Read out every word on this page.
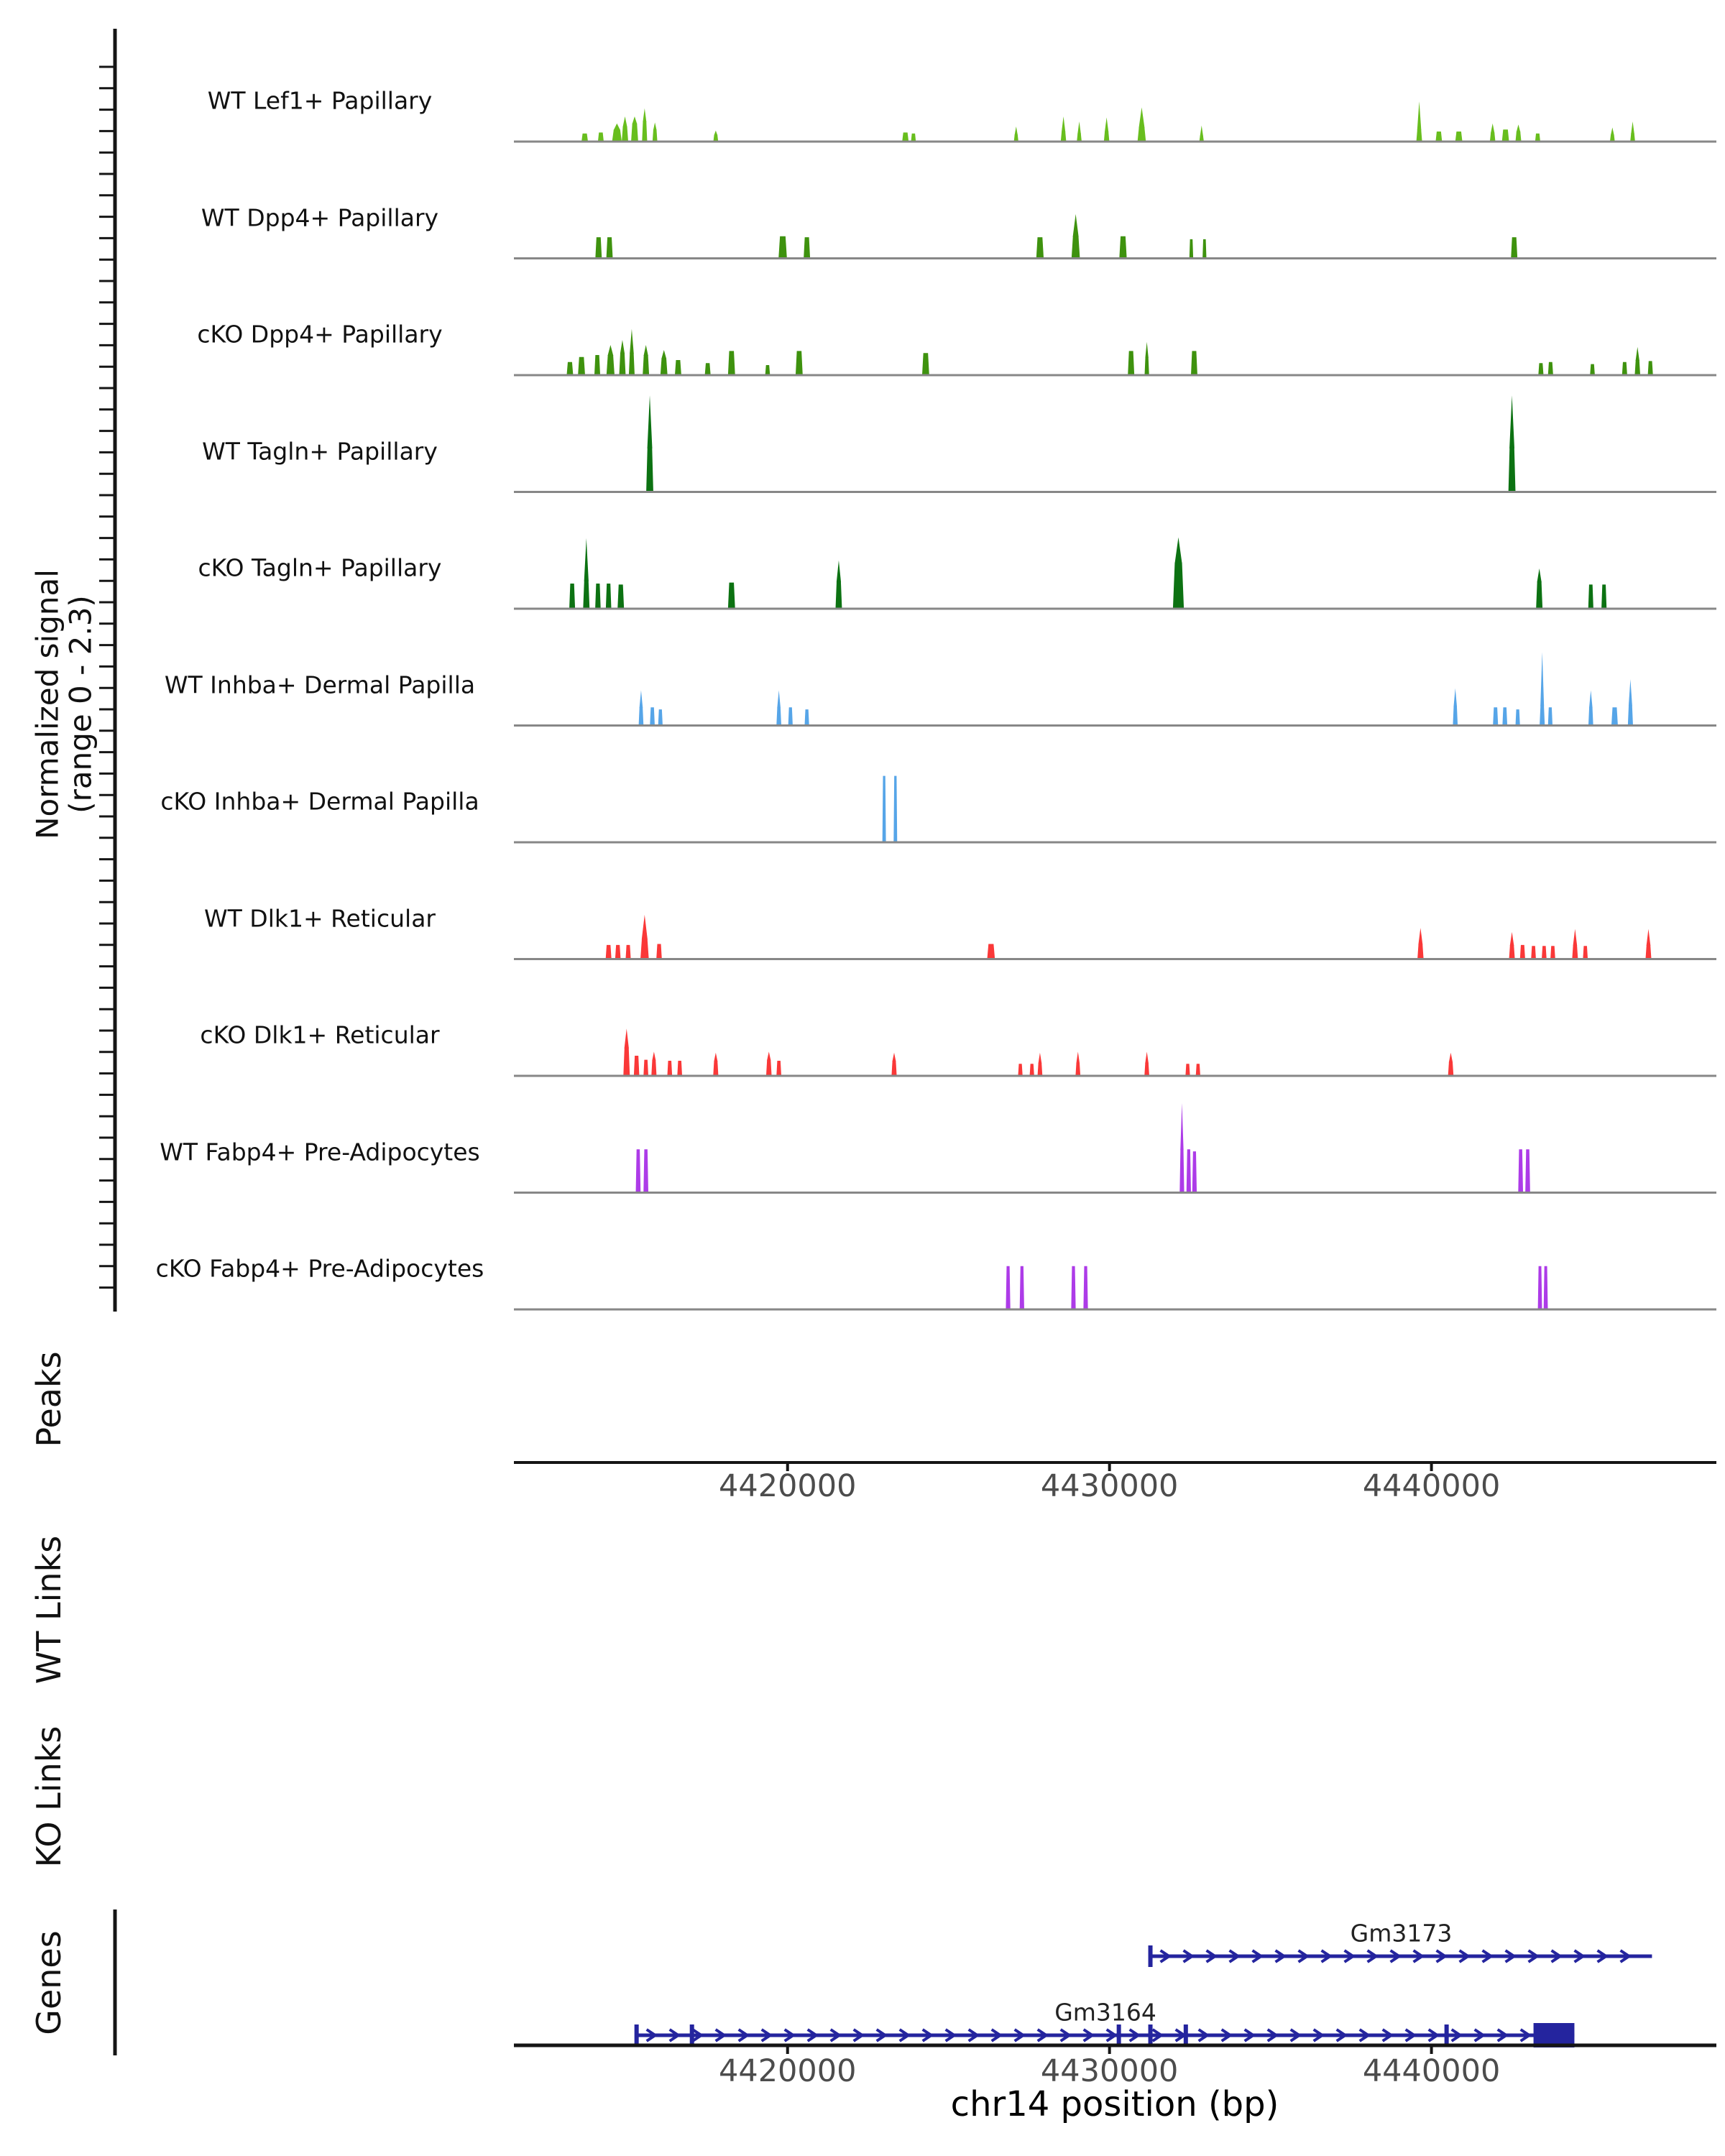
Normalized signal
(range 0 - 2.3)
Peaks
WT Links
KO Links
Genes
chr14 position (bp)
WT Lef1+ Papillary
WT Dpp4+ Papillary
cKO Dpp4+ Papillary
WT Tagln+ Papillary
cKO Tagln+ Papillary
WT Inhba+ Dermal Papilla
cKO Inhba+ Dermal Papilla
WT Dlk1+ Reticular
cKO Dlk1+ Reticular
WT Fabp4+ Pre-Adipocytes
cKO Fabp4+ Pre-Adipocytes
4420000	4430000	4440000
Gm3173
Gm3164
4420000	4430000	4440000
